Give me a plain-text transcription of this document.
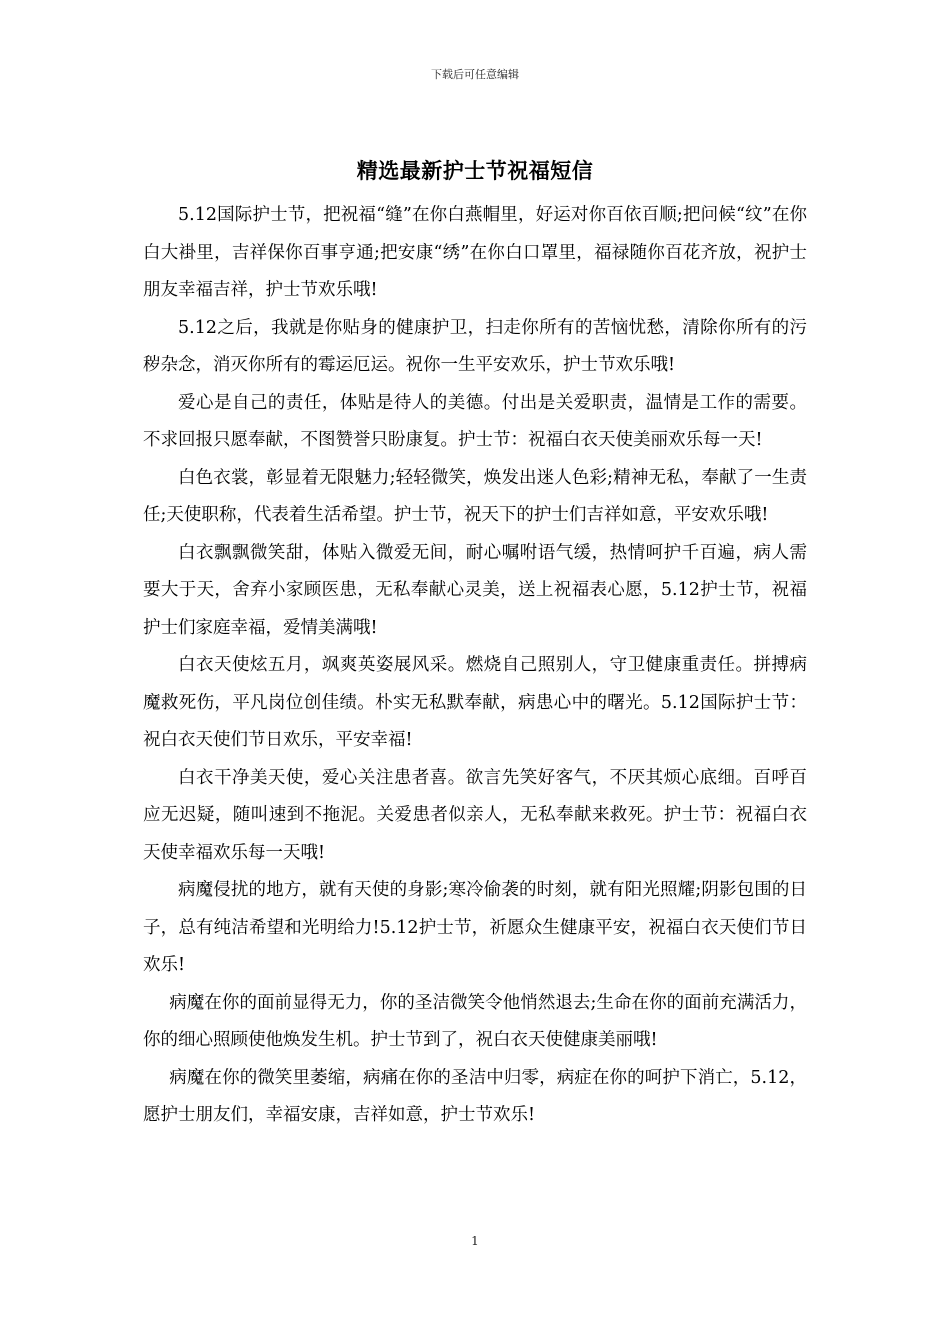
下载后可任意编辑
精选最新护士节祝福短信

5.12国际护士节，把祝福“缝”在你白燕帽里，好运对你百依百顺;把问候“纹”在你白大褂里，吉祥保你百事亨通;把安康“绣”在你白口罩里，福禄随你百花齐放，祝护士朋友幸福吉祥，护士节欢乐哦!

5.12之后，我就是你贴身的健康护卫，扫走你所有的苦恼忧愁，清除你所有的污秽杂念，消灭你所有的霉运厄运。祝你一生平安欢乐，护士节欢乐哦!

爱心是自己的责任，体贴是待人的美德。付出是关爱职责，温情是工作的需要。不求回报只愿奉献，不图赞誉只盼康复。护士节：祝福白衣天使美丽欢乐每一天!

白色衣裳，彰显着无限魅力;轻轻微笑，焕发出迷人色彩;精神无私，奉献了一生责任;天使职称，代表着生活希望。护士节，祝天下的护士们吉祥如意，平安欢乐哦!

白衣飘飘微笑甜，体贴入微爱无间，耐心嘱咐语气缓，热情呵护千百遍，病人需要大于天，舍弃小家顾医患，无私奉献心灵美，送上祝福表心愿，5.12护士节，祝福护士们家庭幸福，爱情美满哦!

白衣天使炫五月，飒爽英姿展风采。燃烧自己照别人，守卫健康重责任。拼搏病魔救死伤，平凡岗位创佳绩。朴实无私默奉献，病患心中的曙光。5.12国际护士节：祝白衣天使们节日欢乐，平安幸福!

白衣干净美天使，爱心关注患者喜。欲言先笑好客气，不厌其烦心底细。百呼百应无迟疑，随叫速到不拖泥。关爱患者似亲人，无私奉献来救死。护士节：祝福白衣天使幸福欢乐每一天哦!

病魔侵扰的地方，就有天使的身影;寒冷偷袭的时刻，就有阳光照耀;阴影包围的日子，总有纯洁希望和光明给力!5.12护士节，祈愿众生健康平安，祝福白衣天使们节日欢乐!

病魔在你的面前显得无力，你的圣洁微笑令他悄然退去;生命在你的面前充满活力，你的细心照顾使他焕发生机。护士节到了，祝白衣天使健康美丽哦!

病魔在你的微笑里萎缩，病痛在你的圣洁中归零，病症在你的呵护下消亡，5.12，愿护士朋友们，幸福安康，吉祥如意，护士节欢乐!

1
